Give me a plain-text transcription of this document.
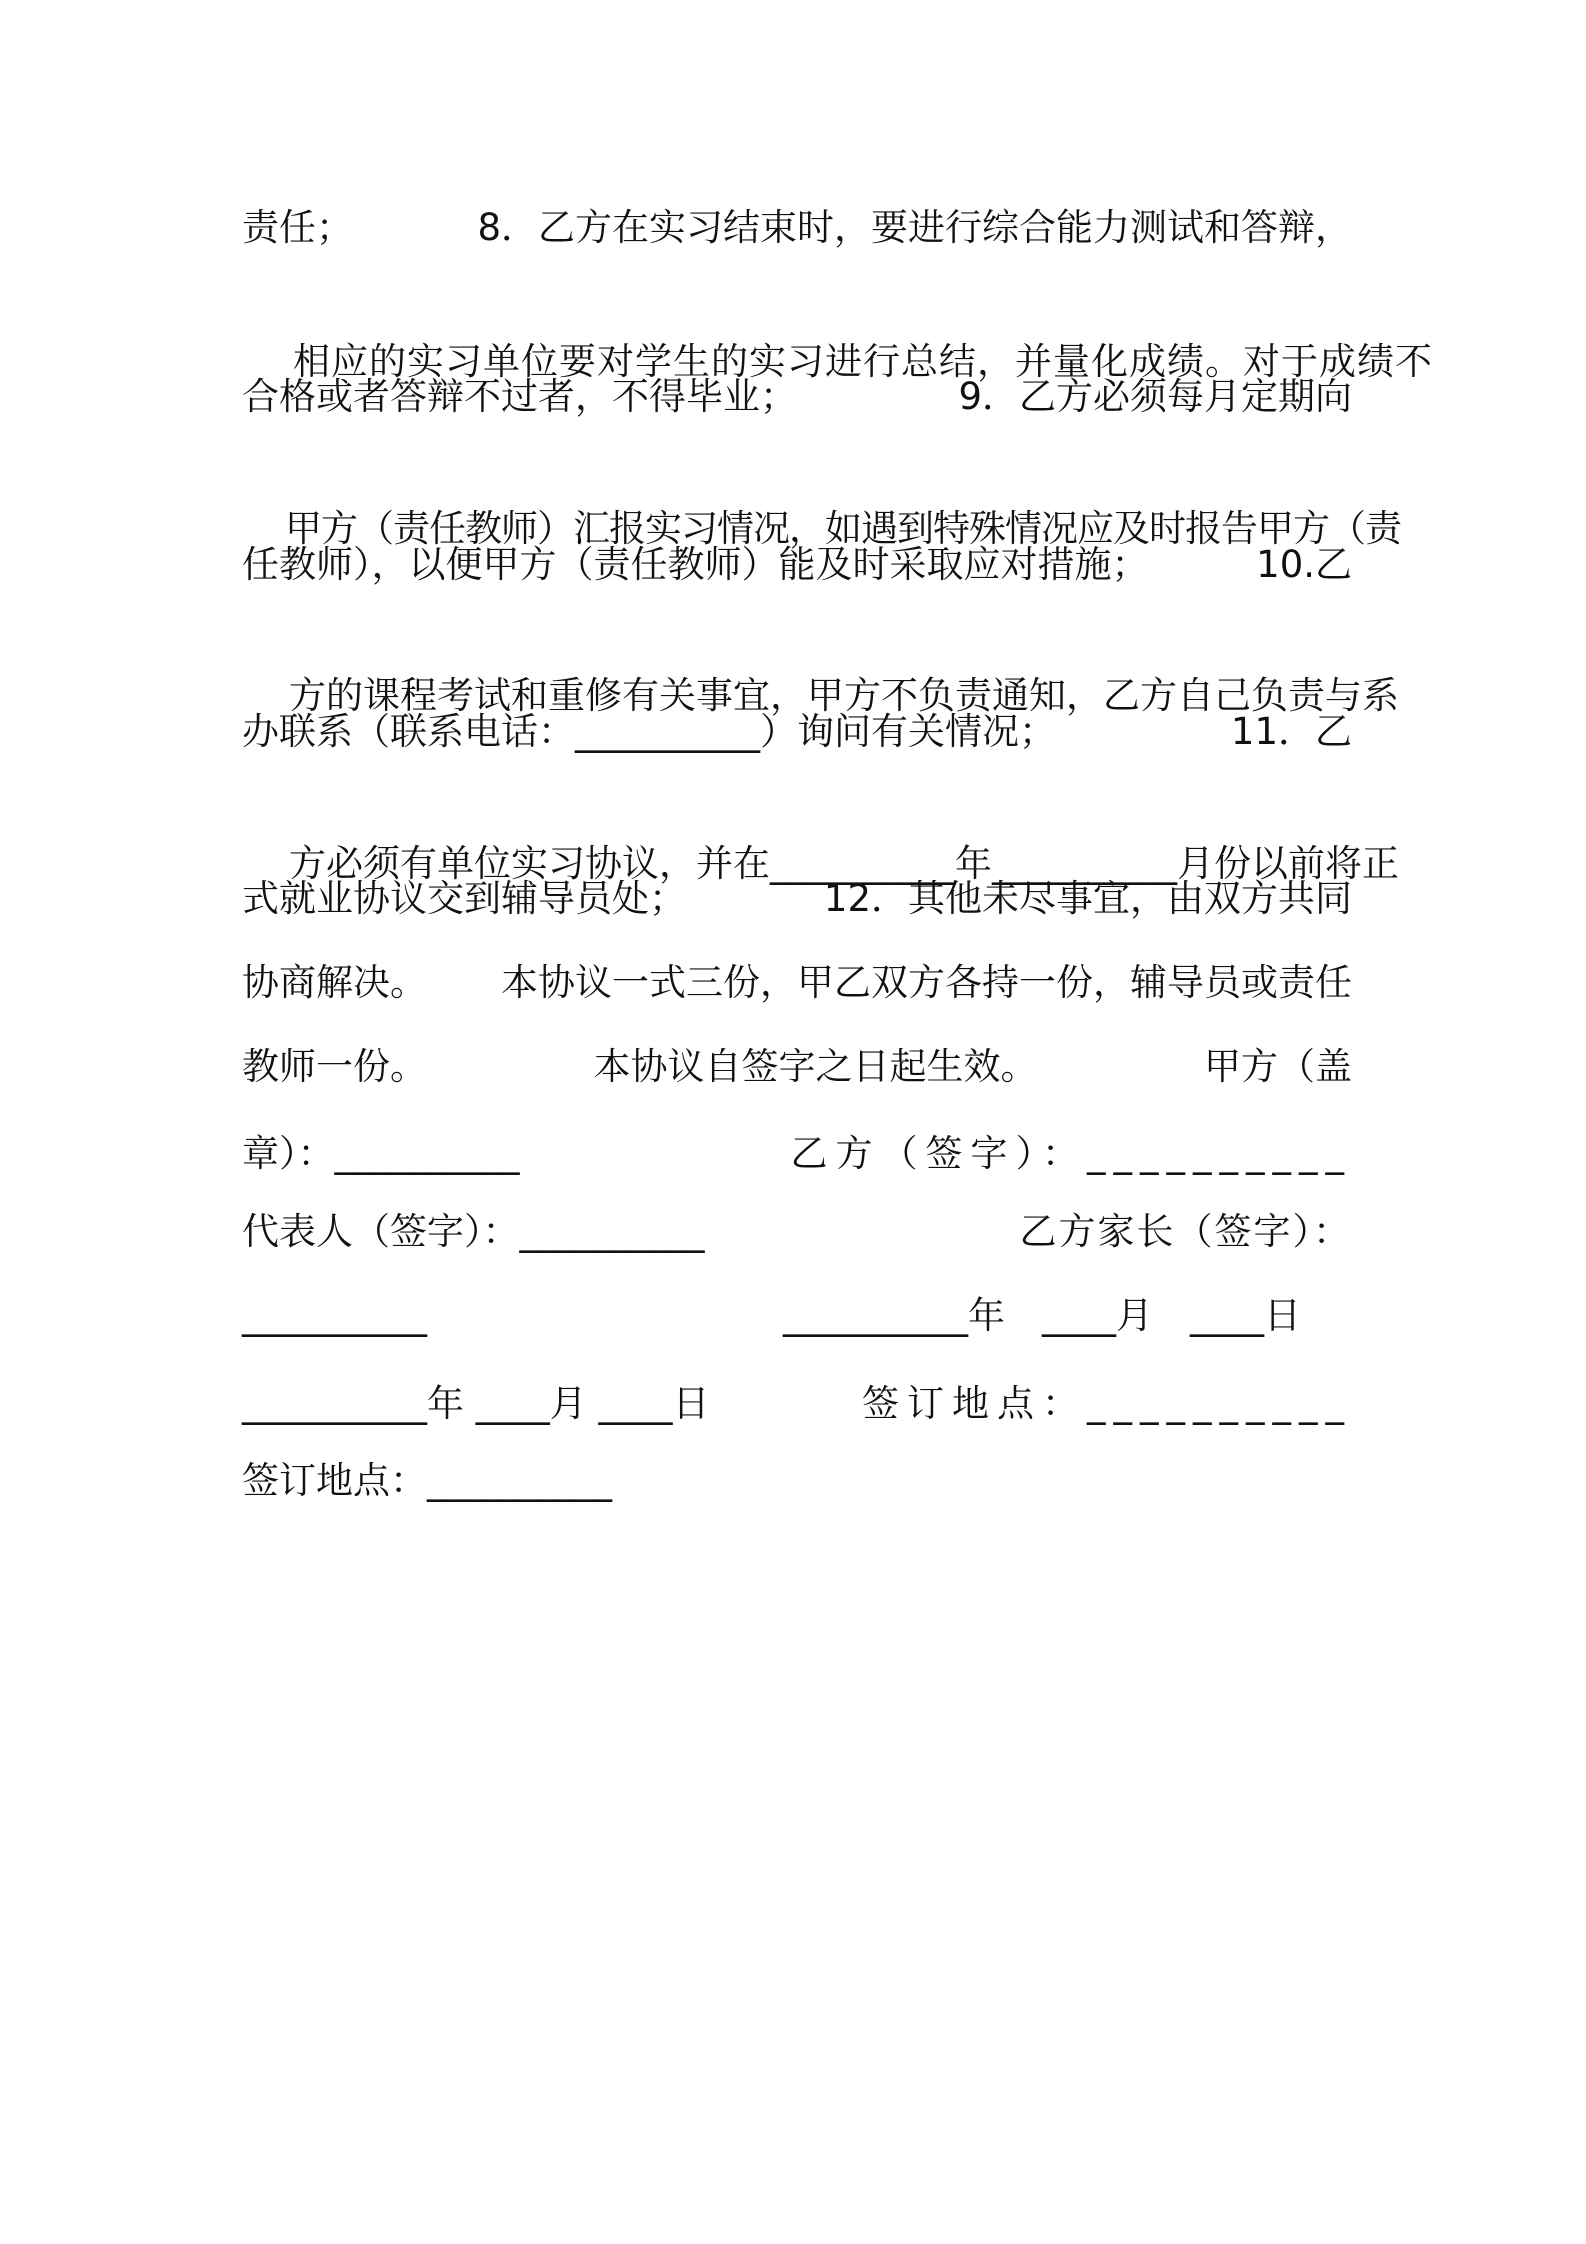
责任；	8．乙方在实习结束时，要进行综合能力测试和答辩，

相应的实习单位要对学生的实习进行总结，并量化成绩。对于成绩不

合格或者答辩不过者，不得毕业；	9．乙方必须每月定期向

甲方（责任教师）汇报实习情况，如遇到特殊情况应及时报告甲方（责

任教师），以便甲方（责任教师）能及时采取应对措施；	10.乙

方的课程考试和重修有关事宜，甲方不负责通知，乙方自己负责与系

办联系（联系电话：__________）询问有关情况；	11．乙

方必须有单位实习协议，并在__________年__________月份以前将正

式就业协议交到辅导员处；	12．其他未尽事宜，由双方共同
协商解决。 本协议一式三份，甲乙双方各持一份，辅导员或责任
教师一份。	本协议自签字之日起生效。	甲方（盖
章）：__________	乙方（签字）：__________
代表人（签字）：__________	乙方家长（签字）：
__________	__________年　____月　____日
__________年 ____月 ____日	签订地点：__________
签订地点：__________
